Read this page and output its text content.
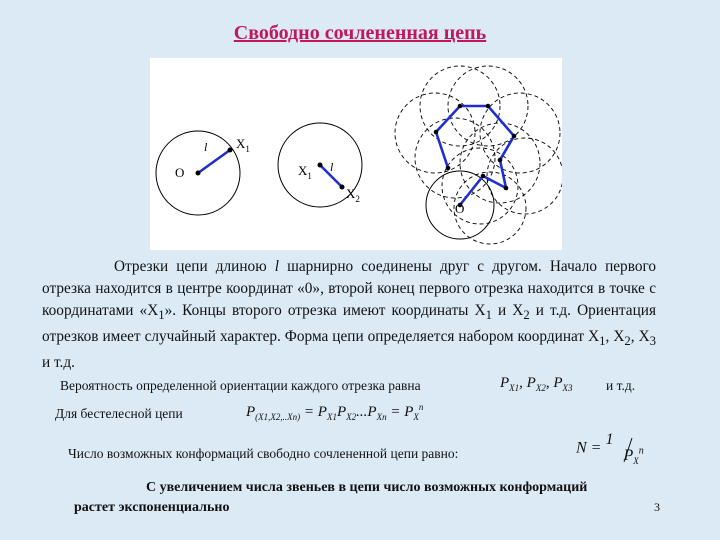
Свободно сочлененная цепь
O
l $X_1$
$X_1$
l
$X_2$
O
Отрезки цепи длиною l шарнирно соединены друг с другом. Начало первого отрезка находится в центре координат «0», второй конец первого отрезка находится в точке с координатами «$X_1$». Концы второго отрезка имеют координаты $X_1$ и $X_2$ и т.д. Ориентация отрезков имеет случайный характер. Форма цепи определяется набором координат $X_1$, $X_2$, $X_3$ и т.д.
Вероятность определенной ориентации каждого отрезка равна	$P_{X1}$, $P_{X2}$, $P_{X3}$ и т.д.
Для бестелесной цепи	$P_{(X1,X2,..Xn)} = P_{X1}P_{X2}...P_{Xn} = P_X^n$
Число возможных конформаций свободно сочлененной цепи равно:	N = 1
$P_X^n$
С увеличением числа звеньев в цепи число возможных конформаций
растет экспоненциально	3
